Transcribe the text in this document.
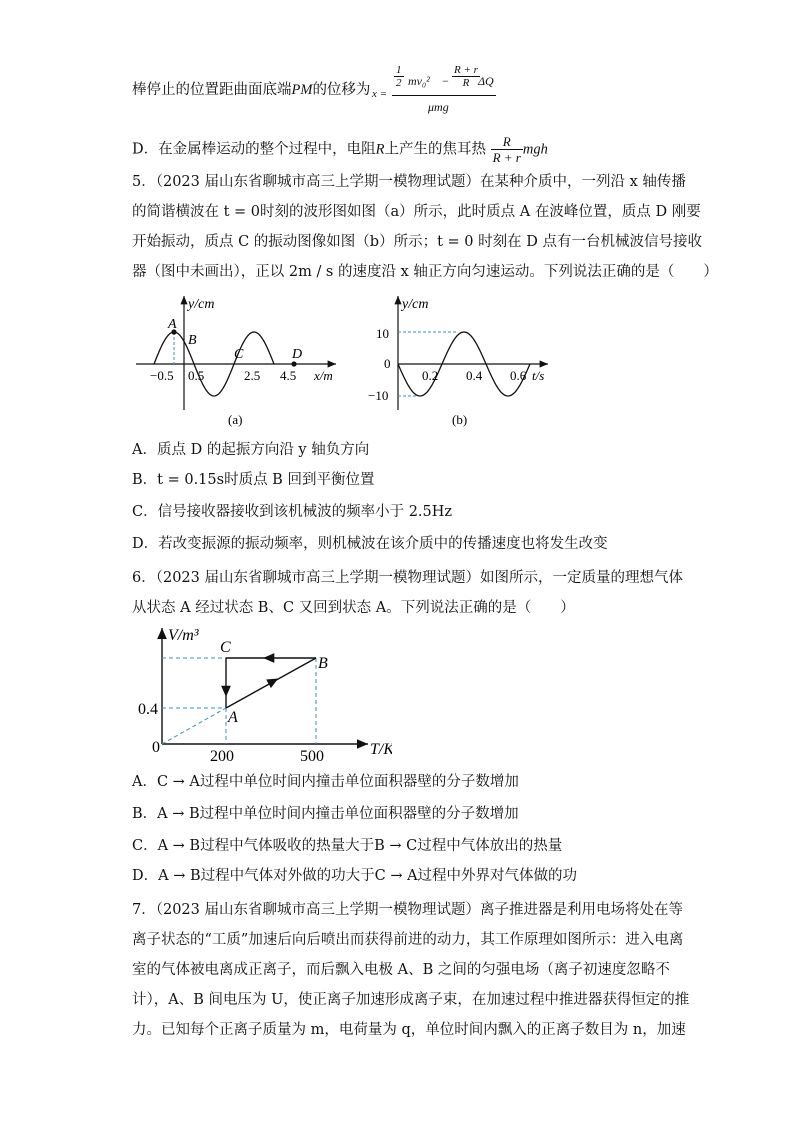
棒停止的位置距曲面底端PM的位移为 x =
$\frac{1}{2} mv_0^2 - \frac{R + r}{R}$
ΔQ
μmg
D．在金属棒运动的整个过程中，电阻R上产生的焦耳热 $\frac{R}{R + r}$ mgh
5．（2023 届山东省聊城市高三上学期一模物理试题）在某种介质中，一列沿 x 轴传播
的简谐横波在 t = 0时刻的波形图如图（a）所示，此时质点 A 在波峰位置，质点 D 刚要
开始振动，质点 C 的振动图像如图（b）所示；t = 0 时刻在 D 点有一台机械波信号接收
器（图中未画出），正以 2m / s 的速度沿 x 轴正方向匀速运动。下列说法正确的是（　　）
A
B
C	D
−0.5 0.5	2.5 4.5 x/m
y/cm
(a)
10
0
−10
0.2 0.4 0.6 t/s
y/cm
(b)
A．质点 D 的起振方向沿 y 轴负方向
B．t = 0.15s时质点 B 回到平衡位置
C．信号接收器接收到该机械波的频率小于 2.5Hz
D．若改变振源的振动频率，则机械波在该介质中的传播速度也将发生改变
6．（2023 届山东省聊城市高三上学期一模物理试题）如图所示，一定质量的理想气体
从状态 A 经过状态 B、C 又回到状态 A。下列说法正确的是（　　）
A
B
C
0.4
0
200	500
V/m³
T/K
A．C → A过程中单位时间内撞击单位面积器壁的分子数增加
B．A → B过程中单位时间内撞击单位面积器壁的分子数增加
C．A → B过程中气体吸收的热量大于B → C过程中气体放出的热量
D．A → B过程中气体对外做的功大于C → A过程中外界对气体做的功
7．（2023 届山东省聊城市高三上学期一模物理试题）离子推进器是利用电场将处在等
离子状态的“工质”加速后向后喷出而获得前进的动力，其工作原理如图所示：进入电离
室的气体被电离成正离子，而后飘入电极 A、B 之间的匀强电场（离子初速度忽略不
计），A、B 间电压为 U，使正离子加速形成离子束，在加速过程中推进器获得恒定的推
力。已知每个正离子质量为 m，电荷量为 q，单位时间内飘入的正离子数目为 n，加速
